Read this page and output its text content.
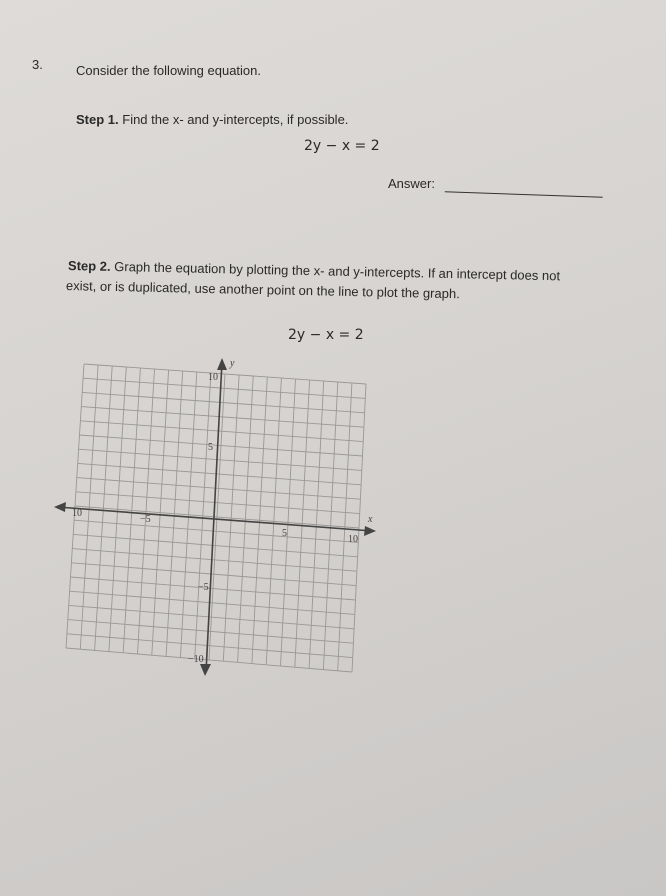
3.	Consider the following equation.
Step 1. Find the x- and y-intercepts, if possible.
2y − x = 2
Answer:
Step 2. Graph the equation by plotting the x- and y-intercepts. If an intercept does not
exist, or is duplicated, use another point on the line to plot the graph.
2y − x = 2
x
y
10
−5
5
10
10
5
−5
−10
